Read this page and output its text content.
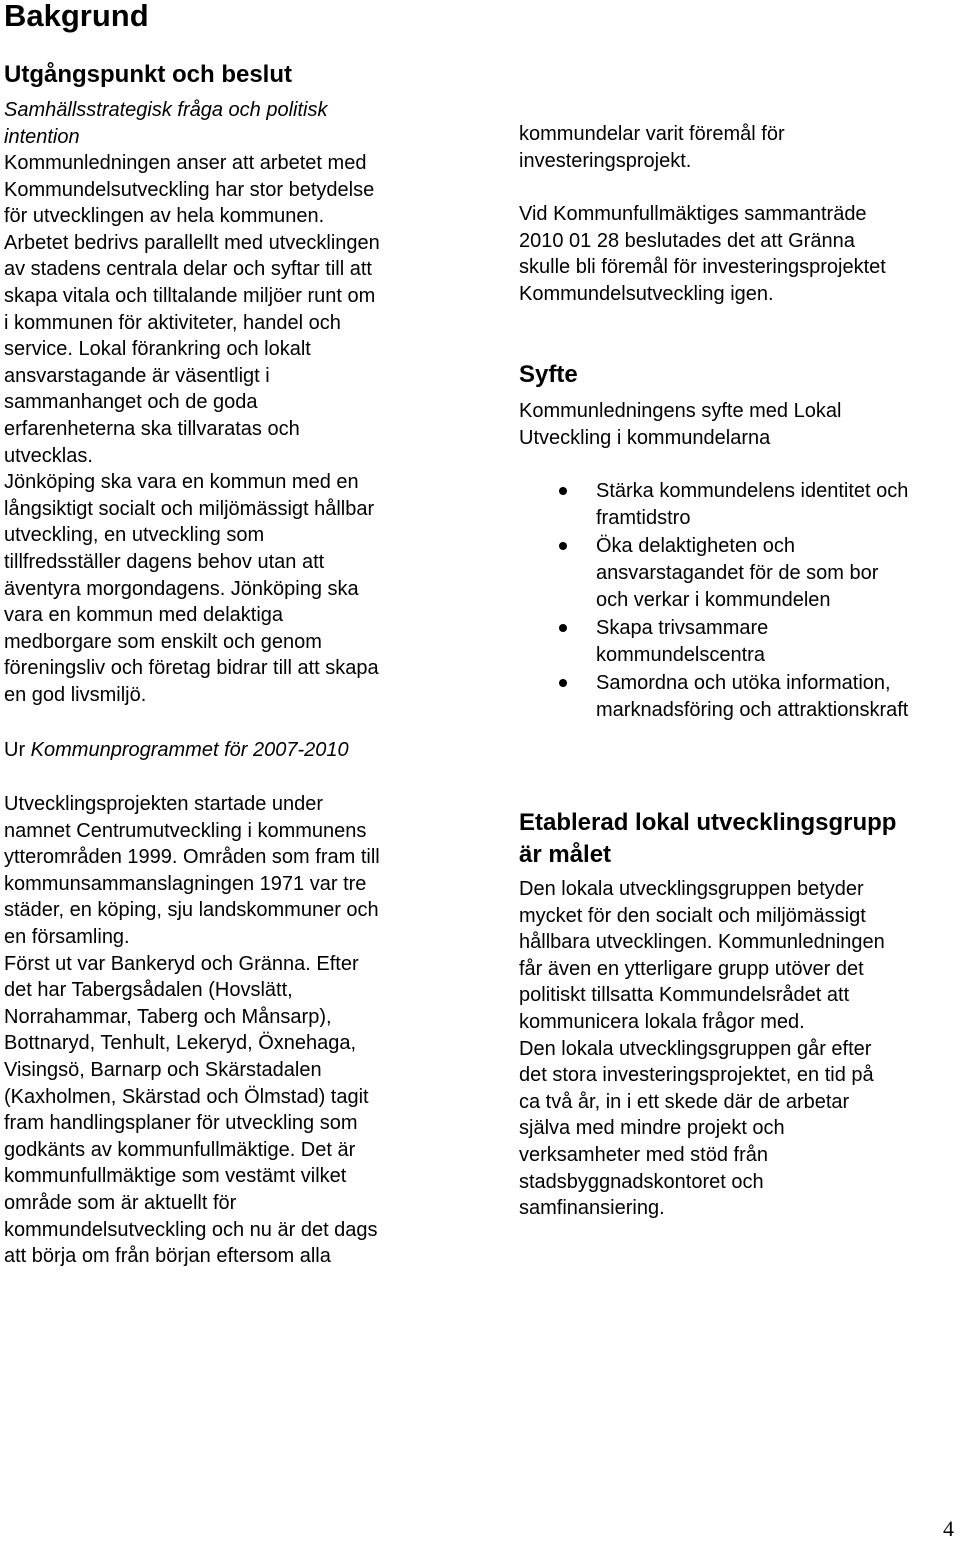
Bakgrund
Utgångspunkt och beslut

Samhällsstrategisk fråga och politisk
intention

Kommunledningen anser att arbetet med
Kommundelsutveckling har stor betydelse
för utvecklingen av hela kommunen.
Arbetet bedrivs parallellt med utvecklingen
av stadens centrala delar och syftar till att
skapa vitala och tilltalande miljöer runt om
i kommunen för aktiviteter, handel och
service. Lokal förankring och lokalt
ansvarstagande är väsentligt i
sammanhanget och de goda
erfarenheterna ska tillvaratas och
utvecklas.
Jönköping ska vara en kommun med en
långsiktigt socialt och miljömässigt hållbar
utveckling, en utveckling som
tillfredsställer dagens behov utan att
äventyra morgondagens. Jönköping ska
vara en kommun med delaktiga
medborgare som enskilt och genom
föreningsliv och företag bidrar till att skapa
en god livsmiljö.

Ur Kommunprogrammet för 2007-2010

Utvecklingsprojekten startade under
namnet Centrumutveckling i kommunens
ytterområden 1999. Områden som fram till
kommunsammanslagningen 1971 var tre
städer, en köping, sju landskommuner och
en församling.
Först ut var Bankeryd och Gränna. Efter
det har Tabergsådalen (Hovslätt,
Norrahammar, Taberg och Månsarp),
Bottnaryd, Tenhult, Lekeryd, Öxnehaga,
Visingsö, Barnarp och Skärstadalen
(Kaxholmen, Skärstad och Ölmstad) tagit
fram handlingsplaner för utveckling som
godkänts av kommunfullmäktige. Det är
kommunfullmäktige som vestämt vilket
område som är aktuellt för
kommundelsutveckling och nu är det dags
att börja om från början eftersom alla

kommundelar varit föremål för
investeringsprojekt.

Vid Kommunfullmäktiges sammanträde
2010 01 28 beslutades det att Gränna
skulle bli föremål för investeringsprojektet
Kommundelsutveckling igen.

Syfte

Kommunledningens syfte med Lokal
Utveckling i kommundelarna

Stärka kommundelens identitet och
framtidstro
Öka delaktigheten och
ansvarstagandet för de som bor
och verkar i kommundelen
Skapa trivsammare
kommundelscentra
Samordna och utöka information,
marknadsföring och attraktionskraft
Etablerad lokal utvecklingsgrupp
är målet

Den lokala utvecklingsgruppen betyder
mycket för den socialt och miljömässigt
hållbara utvecklingen. Kommunledningen
får även en ytterligare grupp utöver det
politiskt tillsatta Kommundelsrådet att
kommunicera lokala frågor med.
Den lokala utvecklingsgruppen går efter
det stora investeringsprojektet, en tid på
ca två år, in i ett skede där de arbetar
själva med mindre projekt och
verksamheter med stöd från
stadsbyggnadskontoret och
samfinansiering.

4
